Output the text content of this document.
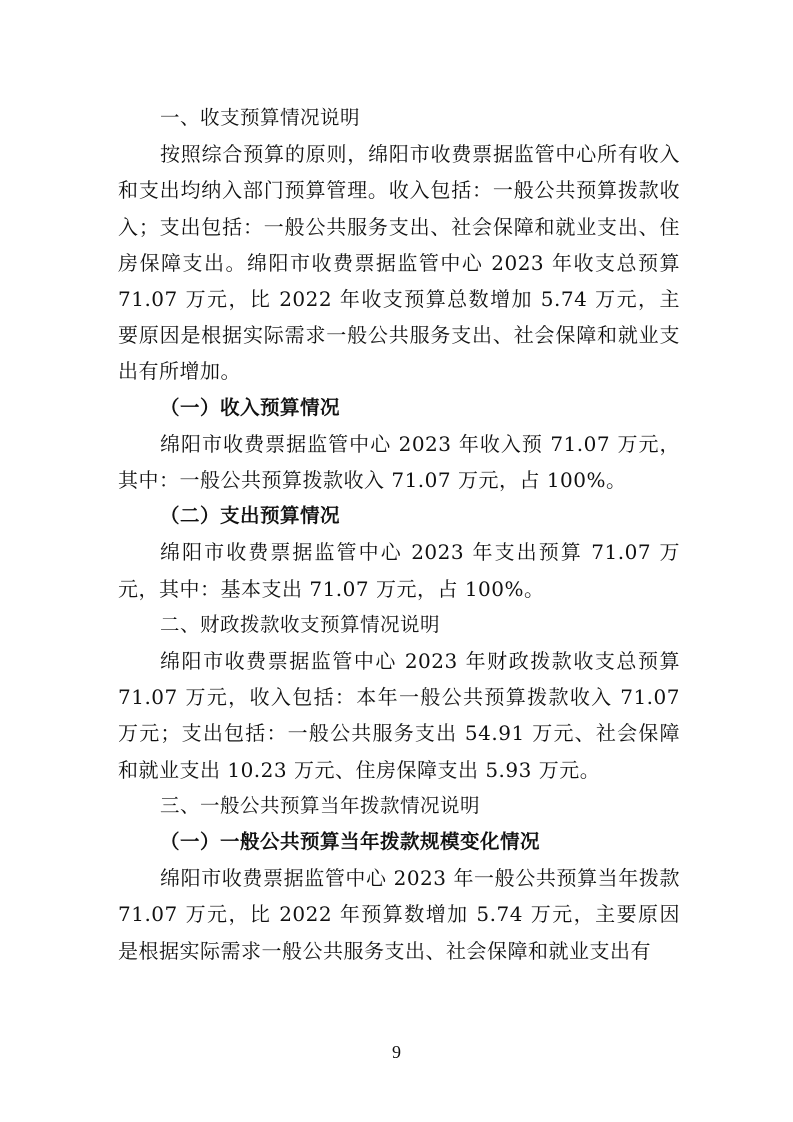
一、收支预算情况说明

按照综合预算的原则，绵阳市收费票据监管中心所有收入和支出均纳入部门预算管理。收入包括：一般公共预算拨款收入；支出包括：一般公共服务支出、社会保障和就业支出、住房保障支出。绵阳市收费票据监管中心 2023 年收支总预算 71.07 万元，比 2022 年收支预算总数增加 5.74 万元，主要原因是根据实际需求一般公共服务支出、社会保障和就业支出有所增加。

（一）收入预算情况

绵阳市收费票据监管中心 2023 年收入预 71.07 万元，其中：一般公共预算拨款收入 71.07 万元，占 100%。

（二）支出预算情况

绵阳市收费票据监管中心 2023 年支出预算 71.07 万元，其中：基本支出 71.07 万元，占 100%。

二、财政拨款收支预算情况说明

绵阳市收费票据监管中心 2023 年财政拨款收支总预算 71.07 万元，收入包括：本年一般公共预算拨款收入 71.07 万元；支出包括：一般公共服务支出 54.91 万元、社会保障和就业支出 10.23 万元、住房保障支出 5.93 万元。

三、一般公共预算当年拨款情况说明

（一）一般公共预算当年拨款规模变化情况

绵阳市收费票据监管中心 2023 年一般公共预算当年拨款 71.07 万元，比 2022 年预算数增加 5.74 万元，主要原因是根据实际需求一般公共服务支出、社会保障和就业支出有

9
